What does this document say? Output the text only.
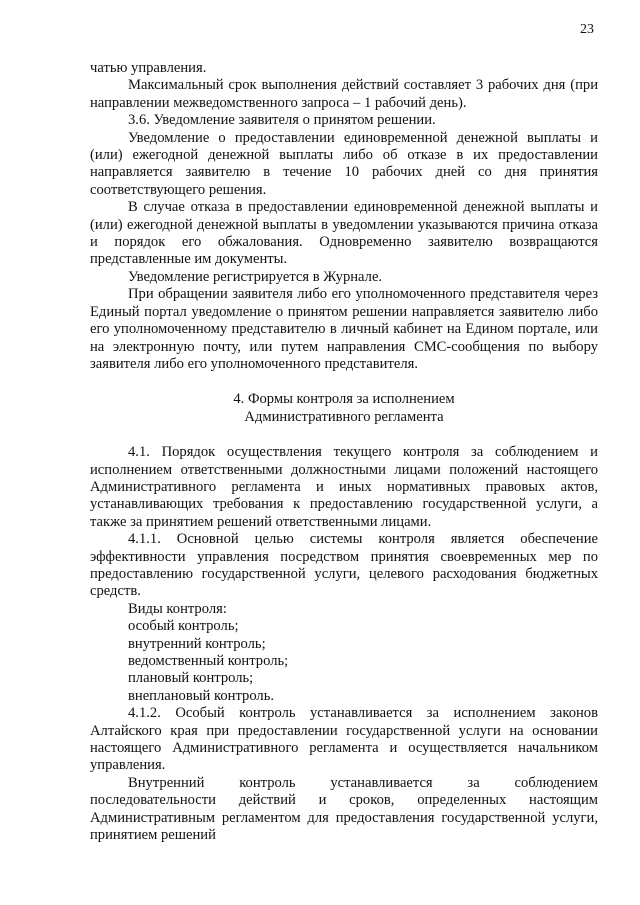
23

чатью управления.

Максимальный срок выполнения действий составляет 3 рабочих дня (при направлении межведомственного запроса – 1 рабочий день).

3.6. Уведомление заявителя о принятом решении.

Уведомление о предоставлении единовременной денежной выплаты и (или) ежегодной денежной выплаты либо об отказе в их предоставлении направляется заявителю в течение 10 рабочих дней со дня принятия соответствующего решения.

В случае отказа в предоставлении единовременной денежной выплаты и (или) ежегодной денежной выплаты в уведомлении указываются причина отказа и порядок его обжалования. Одновременно заявителю возвращаются представленные им документы.

Уведомление регистрируется в Журнале.

При обращении заявителя либо его уполномоченного представителя через Единый портал уведомление о принятом решении направляется заявителю либо его уполномоченному представителю в личный кабинет на Едином портале, или на электронную почту, или путем направления СМС-сообщения по выбору заявителя либо его уполномоченного представителя.

4. Формы контроля за исполнением
Административного регламента

4.1. Порядок осуществления текущего контроля за соблюдением и исполнением ответственными должностными лицами положений настоящего Административного регламента и иных нормативных правовых актов, устанавливающих требования к предоставлению государственной услуги, а также за принятием решений ответственными лицами.

4.1.1. Основной целью системы контроля является обеспечение эффективности управления посредством принятия своевременных мер по предоставлению государственной услуги, целевого расходования бюджетных средств.

Виды контроля:

особый контроль;

внутренний контроль;

ведомственный контроль;

плановый контроль;

внеплановый контроль.

4.1.2. Особый контроль устанавливается за исполнением законов Алтайского края при предоставлении государственной услуги на основании настоящего Административного регламента и осуществляется начальником управления.

Внутренний контроль устанавливается за соблюдением последовательности действий и сроков, определенных настоящим Административным регламентом для предоставления государственной услуги, принятием решений
